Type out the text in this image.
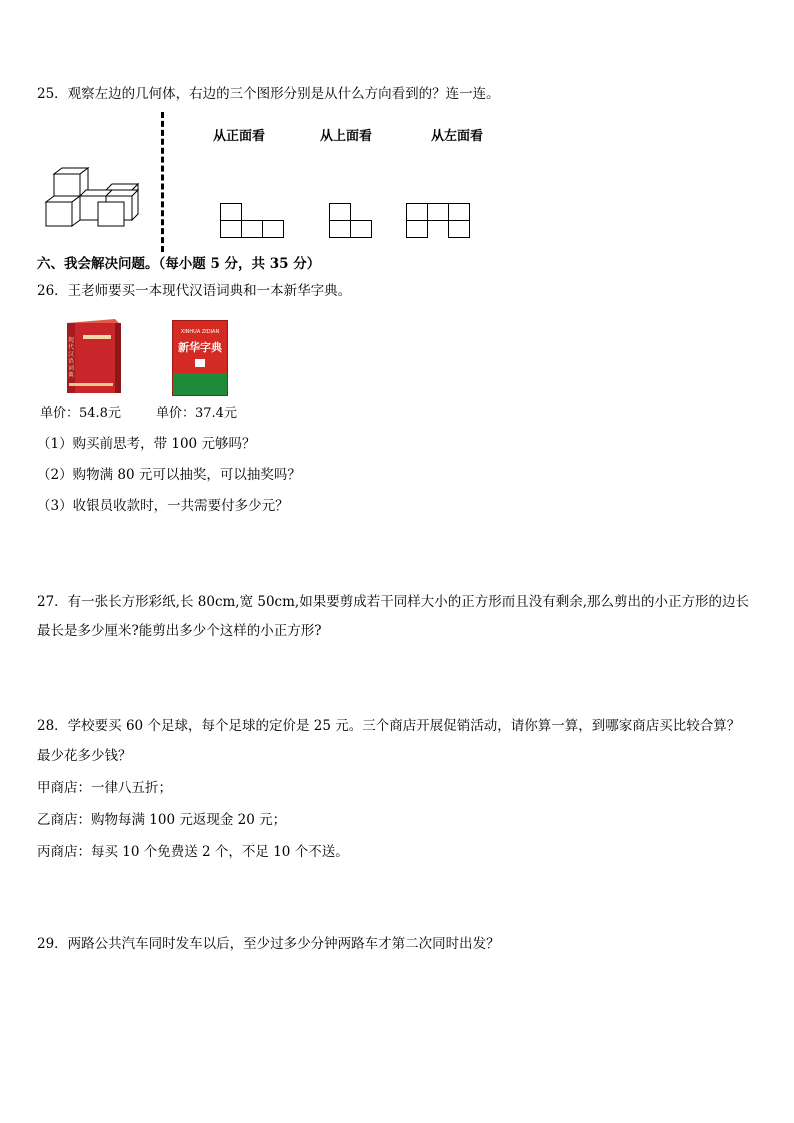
25．观察左边的几何体，右边的三个图形分别是从什么方向看到的？连一连。
从正面看	从上面看	从左面看
六、我会解决问题。（每小题 5 分，共 35 分）
26．王老师要买一本现代汉语词典和一本新华字典。
现代汉语词典
XINHUA ZIDIAN
新华字典
单价：54.8元	单价：37.4元
（1）购买前思考，带 100 元够吗？
（2）购物满 80 元可以抽奖，可以抽奖吗？
（3）收银员收款时，一共需要付多少元？
27．有一张长方形彩纸,长 80cm,宽 50cm,如果要剪成若干同样大小的正方形而且没有剩余,那么剪出的小正方形的边长
最长是多少厘米?能剪出多少个这样的小正方形?
28．学校要买 60 个足球，每个足球的定价是 25 元。三个商店开展促销活动，请你算一算，到哪家商店买比较合算？
最少花多少钱？
甲商店：一律八五折；
乙商店：购物每满 100 元返现金 20 元；
丙商店：每买 10 个免费送 2 个，不足 10 个不送。
29．两路公共汽车同时发车以后，至少过多少分钟两路车才第二次同时出发？
